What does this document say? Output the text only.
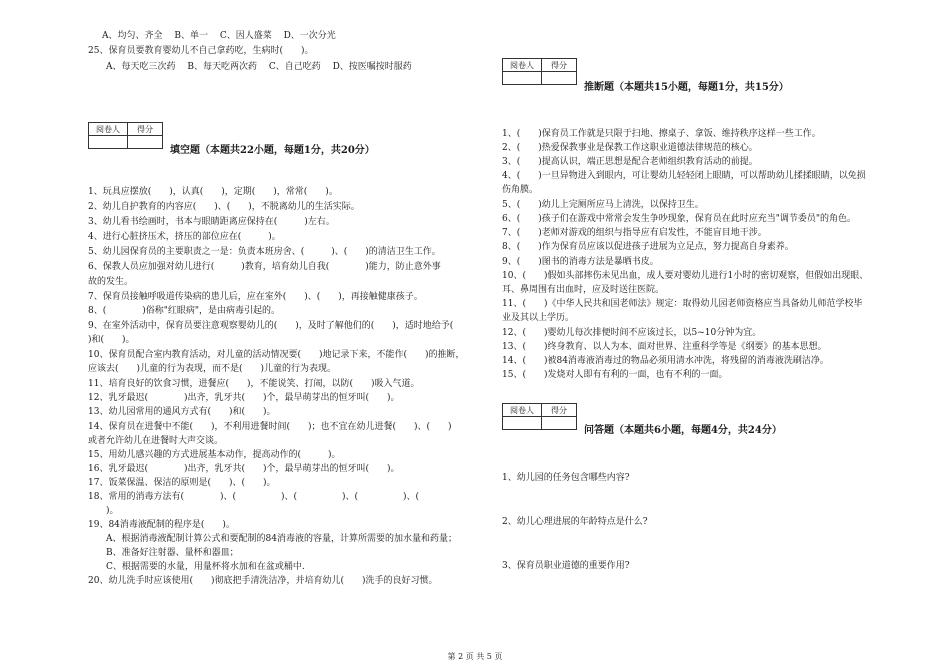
A、均匀、齐全　 B、单一　 C、因人盛菜　 D、一次分光
25、保育员要教育婴幼儿不自己拿药吃，生病时(　　)。
　　A、每天吃三次药　 B、每天吃两次药　 C、自己吃药　 D、按医嘱按时服药
阅卷人	得分

填空题（本题共22小题，每题1分，共20分）
1、玩具应摆放(　　)，认真(　　)，定期(　　)，常常(　　)。
2、幼儿自护教育的内容应(　　)、(　　)，不脱离幼儿的生活实际。
3、幼儿看书绘画时，书本与眼睛距离应保持在(　　　)左右。
4、进行心脏挤压术，挤压的部位应在(　　　)。
5、幼儿园保育员的主要职责之一是：负责本班房舍、(　　　)、(　　)的清洁卫生工作。
6、保教人员应加强对幼儿进行(　　　)教育，培育幼儿自我(　　　　)能力，防止意外事
故的发生。
7、保育员接触呼吸道传染病的患儿后，应在室外(　　)、(　　)，再接触健康孩子。
8、(　　　　)俗称"红眼病"，是由病毒引起的。
9、在室外活动中，保育员要注意观察婴幼儿的(　　)，及时了解他们的(　　)，适时地给予(
)和(　　)。
10、保育员配合室内教育活动，对儿童的活动情况要(　　)地记录下来，不能作(　　)的推断，
应该去(　　)儿童的行为表现，而不是(　　)儿童的行为表现。
11、培育良好的饮食习惯，进餐应(　　)，不能说笑、打闹，以防(　　)吸入气道。
12、乳牙最迟(　　　　)出齐，乳牙共(　　)个，最早萌芽出的恒牙叫(　　)。
13、幼儿园常用的通风方式有(　　)和(　　)。
14、保育员在进餐中不能(　　)，不利用进餐时间(　　)；也不宜在幼儿进餐(　　)、(　　)
或者允许幼儿在进餐时大声交谈。
15、用幼儿感兴趣的方式进展基本动作，提高动作的(　　　)。
16、乳牙最迟(　　　　)出齐，乳牙共(　　)个，最早萌芽出的恒牙叫(　　)。
17、饭菜保温、保洁的原则是(　　)、(　　)。
18、常用的消毒方法有(　　　　)、(　　　　　)、(　　　　　)、(　　　　　)、(　　　　
　　)。
19、84消毒液配制的程序是(　　)。
　　A、根据消毒液配制计算公式和要配制的84消毒液的容量，计算所需要的加水量和药量；
　　B、准备好注射器、量杯和器皿；
　　C、根据需要的水量，用量杯将水加和在盆或桶中.
20、幼儿洗手时应该使用(　　)彻底把手清洗洁净，并培育幼儿(　　)洗手的良好习惯。
阅卷人	得分

推断题（本题共15小题，每题1分，共15分）
1、(　　)保育员工作就是只限于扫地、擦桌子、拿饭、维持秩序这样一些工作。
2、(　　)热爱保教事业是保教工作这职业道德法律规范的核心。
3、(　　)提高认识，端正思想是配合老师组织教育活动的前提。
4、(　　)一旦异物进入到眼内，可让婴幼儿轻轻闭上眼睛，可以帮助幼儿揉揉眼睛，以免损
伤角膜。
5、(　　)幼儿上完厕所应马上清洗，以保持卫生。
6、(　　)孩子们在游戏中常常会发生争吵现象，保育员在此时应充当"调节委员"的角色。
7、(　　)老师对游戏的组织与指导应有启发性，不能盲目地干涉。
8、(　　)作为保育员应该以促进孩子进展为立足点，努力提高自身素养。
9、(　　)图书的消毒方法是暴晒书皮。
10、(　　)假如头部摔伤未见出血，成人要对婴幼儿进行1小时的密切观察，但假如出现眼、
耳、鼻周围有出血时，应及时送往医院。
11、(　　)《中华人民共和国老师法》规定：取得幼儿园老师资格应当具备幼儿师范学校毕
业及其以上学历。
12、(　　)婴幼儿每次排便时间不应该过长，以5~10分钟为宜。
13、(　　)终身教育、以人为本、面对世界、注重科学等是《纲要》的基本思想。
14、(　　)被84消毒液消毒过的物品必须用清水冲洗，将残留的消毒液洗刷洁净。
15、(　　)发烧对人即有有利的一面，也有不利的一面。
阅卷人	得分

问答题（本题共6小题，每题4分，共24分）
1、幼儿园的任务包含哪些内容?
2、幼儿心理进展的年龄特点是什么?
3、保育员职业道德的重要作用?
第 2 页 共 5 页
